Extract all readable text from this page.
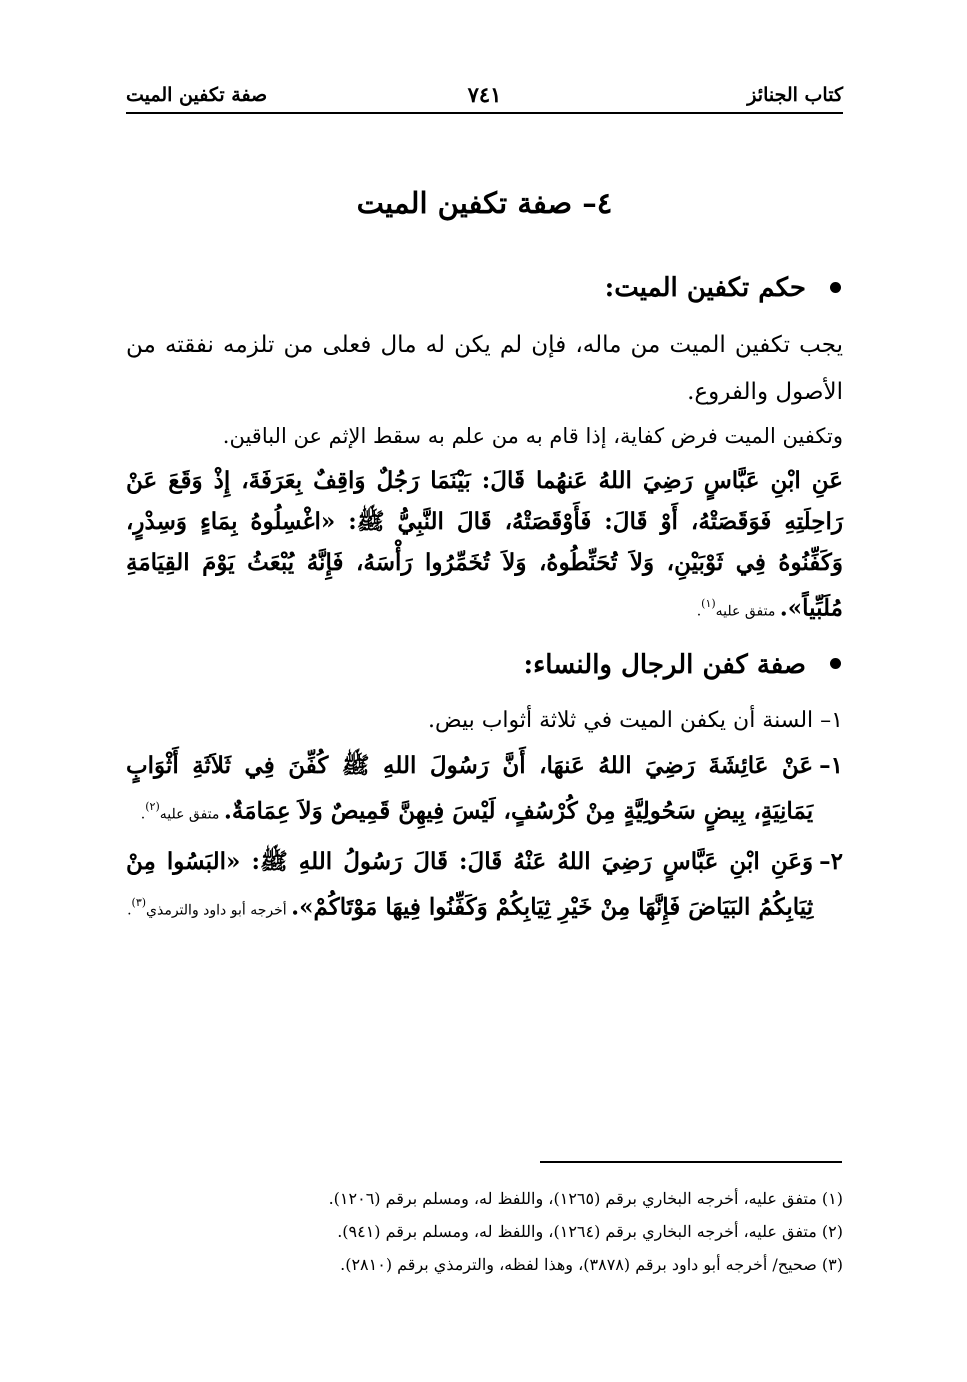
كتاب الجنائز
٧٤١
صفة تكفين الميت
٤– صفة تكفين الميت

حكم تكفين الميت:

يجب تكفين الميت من ماله، فإن لم يكن له مال فعلى من تلزمه نفقته من الأصول والفروع.

وتكفين الميت فرض كفاية، إذا قام به من علم به سقط الإثم عن الباقين.

عَنِ ابْنِ عَبَّاسٍ رَضِيَ اللهُ عَنهُما قَالَ: بَيْنَمَا رَجُلٌ وَاقِفٌ بِعَرَفَةَ، إِذْ وَقَعَ عَنْ رَاحِلَتِهِ فَوَقَصَتْهُ، أَوْ قَالَ: فَأَوْقَصَتْهُ، قَالَ النَّبِيُّ ﷺ: «اغْسِلُوهُ بِمَاءٍ وَسِدْرٍ، وَكَفِّنُوهُ فِي ثَوْبَيْنِ، وَلاَ تُحَنِّطُوهُ، وَلاَ تُخَمِّرُوا رَأْسَهُ، فَإِنَّهُ يُبْعَثُ يَوْمَ القِيَامَةِ مُلَبِّياً». متفق عليه$^{(١)}$.

صفة كفن الرجال والنساء:

١– السنة أن يكفن الميت في ثلاثة أثواب بيض.

١–

عَنْ عَائِشَةَ رَضِيَ اللهُ عَنهَا، أَنَّ رَسُولَ اللهِ ﷺ كُفِّنَ فِي ثَلاَثَةِ أَثْوَابٍ يَمَانِيَةٍ، بِيضٍ سَحُولِيَّةٍ مِنْ كُرْسُفٍ، لَيْسَ فِيهِنَّ قَمِيصٌ وَلاَ عِمَامَةٌ. متفق عليه$^{(٢)}$.

٢–

وَعَنِ ابْنِ عَبَّاسٍ رَضِيَ اللهُ عَنْهُ قَالَ: قَالَ رَسُولُ اللهِ ﷺ: «البَسُوا مِنْ ثِيَابِكُمُ البَيَاضَ فَإِنَّهَا مِنْ خَيْرِ ثِيَابِكُمْ وَكَفِّنُوا فِيهَا مَوْتَاكُمْ». أخرجه أبو داود والترمذي$^{(٣)}$.

(١) متفق عليه، أخرجه البخاري برقم (١٢٦٥)، واللفظ له، ومسلم برقم (١٢٠٦).

(٢) متفق عليه، أخرجه البخاري برقم (١٢٦٤)، واللفظ له، ومسلم برقم (٩٤١).

(٣) صحيح/ أخرجه أبو داود برقم (٣٨٧٨)، وهذا لفظه، والترمذي برقم (٢٨١٠).
